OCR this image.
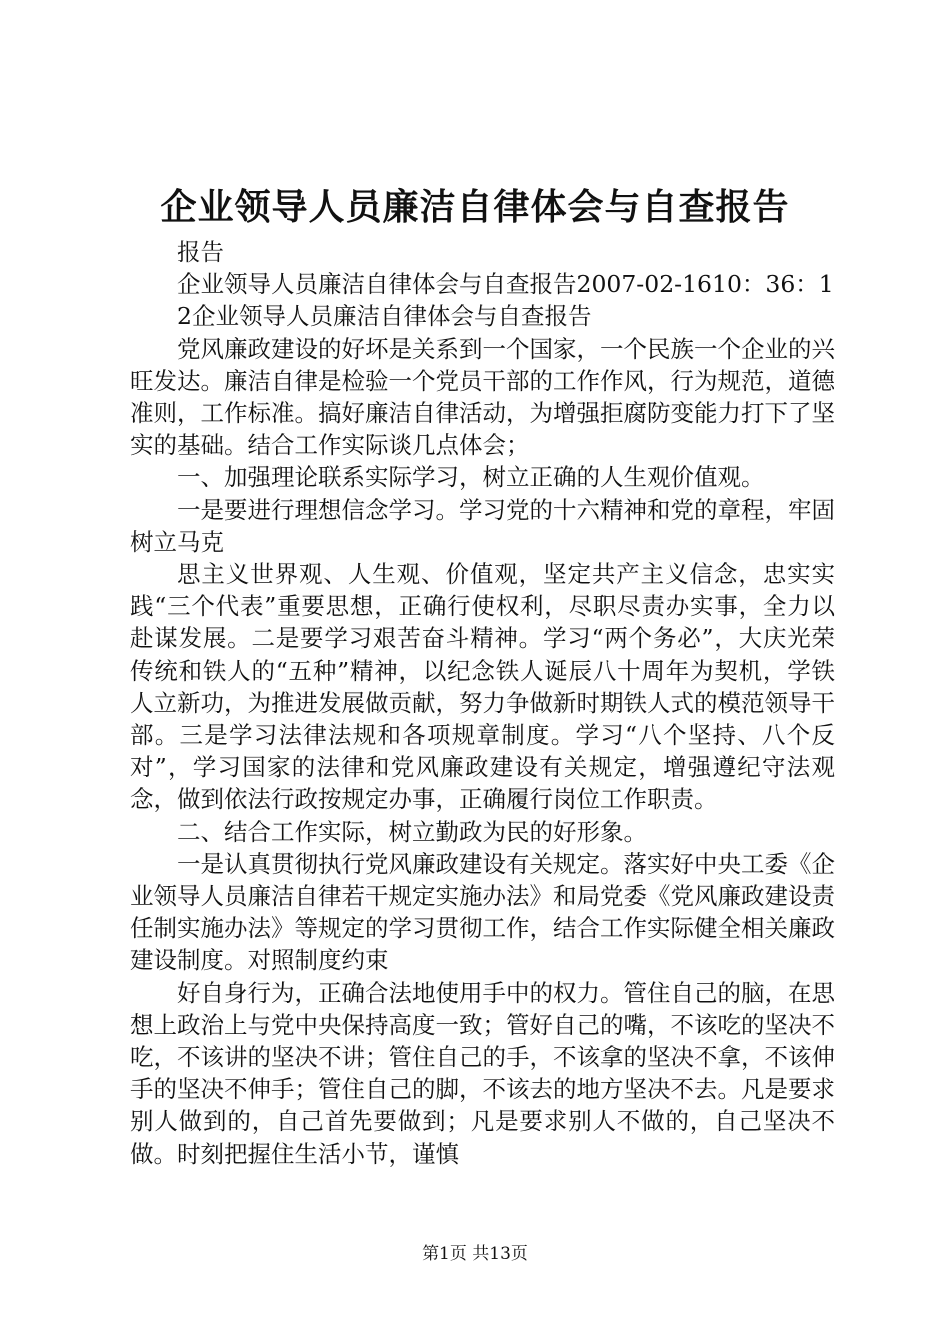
企业领导人员廉洁自律体会与自查报告

报告

企业领导人员廉洁自律体会与自查报告2007-02-1610：36：1

2企业领导人员廉洁自律体会与自查报告

党风廉政建设的好坏是关系到一个国家，一个民族一个企业的兴旺发达。廉洁自律是检验一个党员干部的工作作风，行为规范，道德准则，工作标准。搞好廉洁自律活动，为增强拒腐防变能力打下了坚实的基础。结合工作实际谈几点体会；

一、加强理论联系实际学习，树立正确的人生观价值观。

一是要进行理想信念学习。学习党的十六精神和党的章程，牢固树立马克

思主义世界观、人生观、价值观，坚定共产主义信念，忠实实践“三个代表”重要思想，正确行使权利，尽职尽责办实事，全力以赴谋发展。二是要学习艰苦奋斗精神。学习“两个务必”，大庆光荣传统和铁人的“五种”精神，以纪念铁人诞辰八十周年为契机，学铁人立新功，为推进发展做贡献，努力争做新时期铁人式的模范领导干部。三是学习法律法规和各项规章制度。学习“八个坚持、八个反对”，学习国家的法律和党风廉政建设有关规定，增强遵纪守法观念，做到依法行政按规定办事，正确履行岗位工作职责。

二、结合工作实际，树立勤政为民的好形象。

一是认真贯彻执行党风廉政建设有关规定。落实好中央工委《企业领导人员廉洁自律若干规定实施办法》和局党委《党风廉政建设责任制实施办法》等规定的学习贯彻工作，结合工作实际健全相关廉政建设制度。对照制度约束

好自身行为，正确合法地使用手中的权力。管住自己的脑，在思想上政治上与党中央保持高度一致；管好自己的嘴，不该吃的坚决不吃，不该讲的坚决不讲；管住自己的手，不该拿的坚决不拿，不该伸手的坚决不伸手；管住自己的脚，不该去的地方坚决不去。凡是要求别人做到的，自己首先要做到；凡是要求别人不做的，自己坚决不做。时刻把握住生活小节，谨慎

第1页 共13页
